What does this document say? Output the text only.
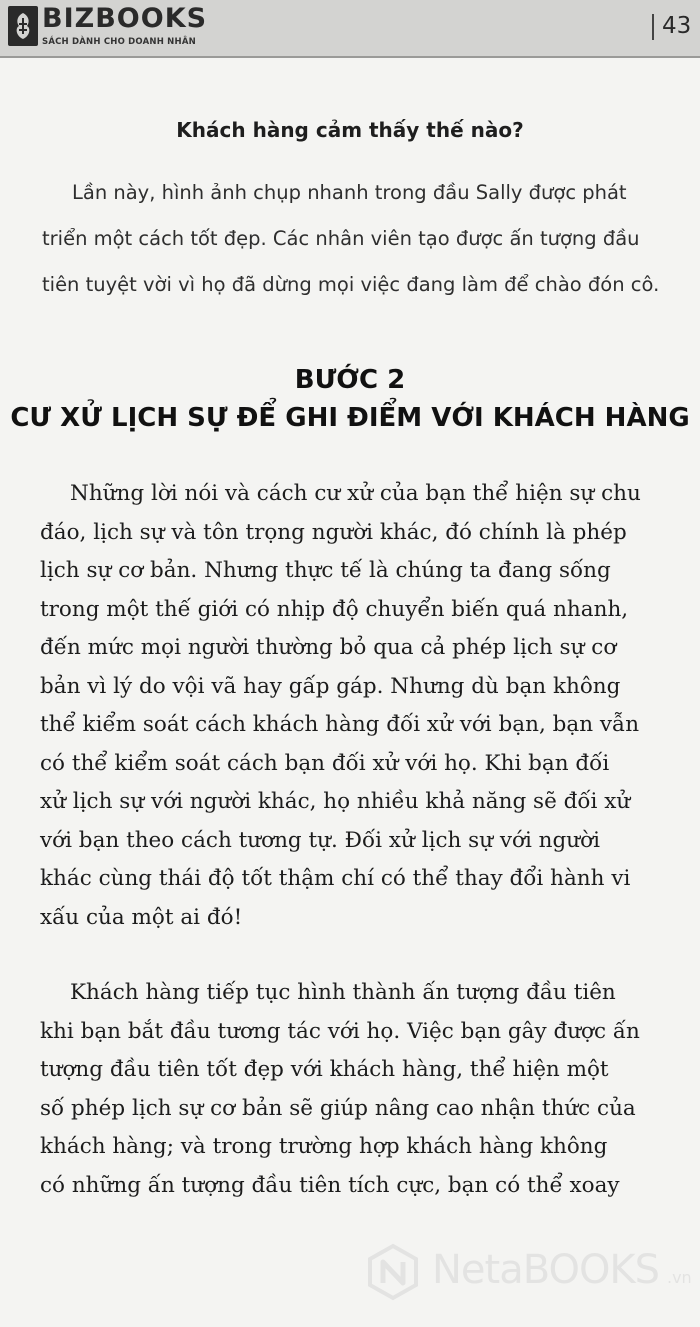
BIZBOOKS
SÁCH DÀNH CHO DOANH NHÂN
43
Khách hàng cảm thấy thế nào?
Lần này, hình ảnh chụp nhanh trong đầu Sally được phát
triển một cách tốt đẹp. Các nhân viên tạo được ấn tượng đầu
tiên tuyệt vời vì họ đã dừng mọi việc đang làm để chào đón cô.
BƯỚC 2
CƯ XỬ LỊCH SỰ ĐỂ GHI ĐIỂM VỚI KHÁCH HÀNG
Những lời nói và cách cư xử của bạn thể hiện sự chu
đáo, lịch sự và tôn trọng người khác, đó chính là phép
lịch sự cơ bản. Nhưng thực tế là chúng ta đang sống
trong một thế giới có nhịp độ chuyển biến quá nhanh,
đến mức mọi người thường bỏ qua cả phép lịch sự cơ
bản vì lý do vội vã hay gấp gáp. Nhưng dù bạn không
thể kiểm soát cách khách hàng đối xử với bạn, bạn vẫn
có thể kiểm soát cách bạn đối xử với họ. Khi bạn đối
xử lịch sự với người khác, họ nhiều khả năng sẽ đối xử
với bạn theo cách tương tự. Đối xử lịch sự với người
khác cùng thái độ tốt thậm chí có thể thay đổi hành vi
xấu của một ai đó!
Khách hàng tiếp tục hình thành ấn tượng đầu tiên
khi bạn bắt đầu tương tác với họ. Việc bạn gây được ấn
tượng đầu tiên tốt đẹp với khách hàng, thể hiện một
số phép lịch sự cơ bản sẽ giúp nâng cao nhận thức của
khách hàng; và trong trường hợp khách hàng không
có những ấn tượng đầu tiên tích cực, bạn có thể xoay
NetaBOOKS .vn
